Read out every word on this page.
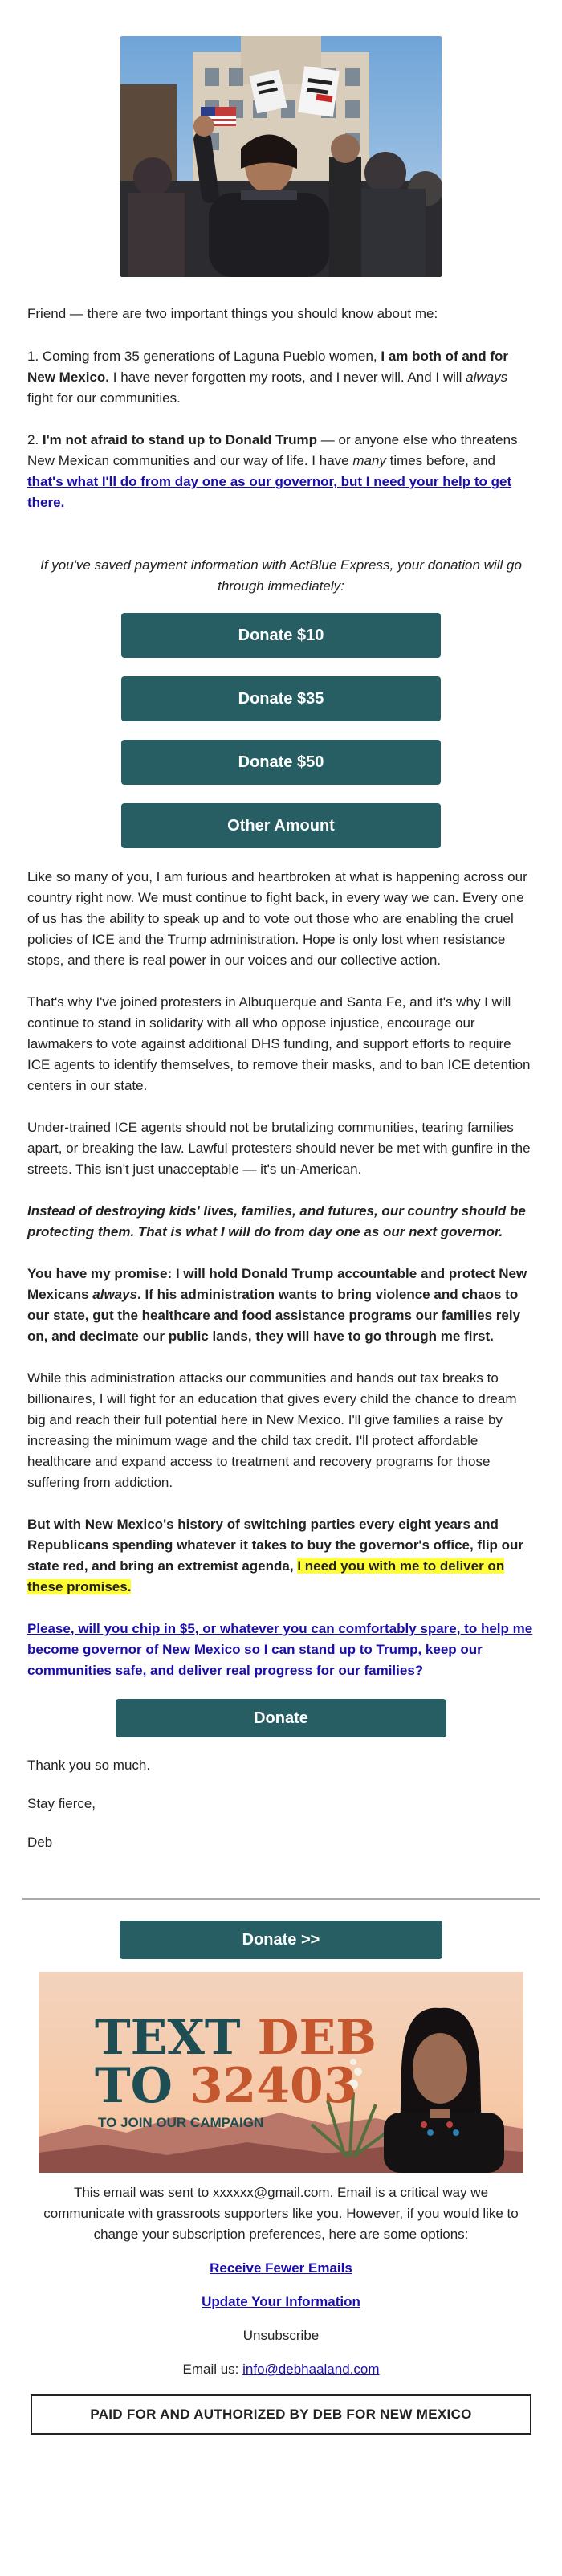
Friend — there are two important things you should know about me:

1. Coming from 35 generations of Laguna Pueblo women, I am both of and for New Mexico. I have never forgotten my roots, and I never will. And I will always fight for our communities.

2. I'm not afraid to stand up to Donald Trump — or anyone else who threatens New Mexican communities and our way of life. I have many times before, and that's what I'll do from day one as our governor, but I need your help to get there.

If you've saved payment information with ActBlue Express, your donation will go through immediately:

Donate $10
Donate $35
Donate $50
Other Amount

Like so many of you, I am furious and heartbroken at what is happening across our country right now. We must continue to fight back, in every way we can. Every one of us has the ability to speak up and to vote out those who are enabling the cruel policies of ICE and the Trump administration. Hope is only lost when resistance stops, and there is real power in our voices and our collective action.

That's why I've joined protesters in Albuquerque and Santa Fe, and it's why I will continue to stand in solidarity with all who oppose injustice, encourage our lawmakers to vote against additional DHS funding, and support efforts to require ICE agents to identify themselves, to remove their masks, and to ban ICE detention centers in our state.

Under-trained ICE agents should not be brutalizing communities, tearing families apart, or breaking the law. Lawful protesters should never be met with gunfire in the streets. This isn't just unacceptable — it's un-American.

Instead of destroying kids' lives, families, and futures, our country should be protecting them. That is what I will do from day one as our next governor.

You have my promise: I will hold Donald Trump accountable and protect New Mexicans always. If his administration wants to bring violence and chaos to our state, gut the healthcare and food assistance programs our families rely on, and decimate our public lands, they will have to go through me first.

While this administration attacks our communities and hands out tax breaks to billionaires, I will fight for an education that gives every child the chance to dream big and reach their full potential here in New Mexico. I'll give families a raise by increasing the minimum wage and the child tax credit. I'll protect affordable healthcare and expand access to treatment and recovery programs for those suffering from addiction.

But with New Mexico's history of switching parties every eight years and Republicans spending whatever it takes to buy the governor's office, flip our state red, and bring an extremist agenda, I need you with me to deliver on these promises.

Please, will you chip in $5, or whatever you can comfortably spare, to help me become governor of New Mexico so I can stand up to Trump, keep our communities safe, and deliver real progress for our families?

Donate

Thank you so much.

Stay fierce,

Deb

Donate >>
TEXT DEB
TO 32403
TO JOIN OUR CAMPAIGN

This email was sent to xxxxxx@gmail.com. Email is a critical way we communicate with grassroots supporters like you. However, if you would like to change your subscription preferences, here are some options:

Receive Fewer Emails

Update Your Information

Unsubscribe

Email us: info@debhaaland.com

PAID FOR AND AUTHORIZED BY DEB FOR NEW MEXICO
